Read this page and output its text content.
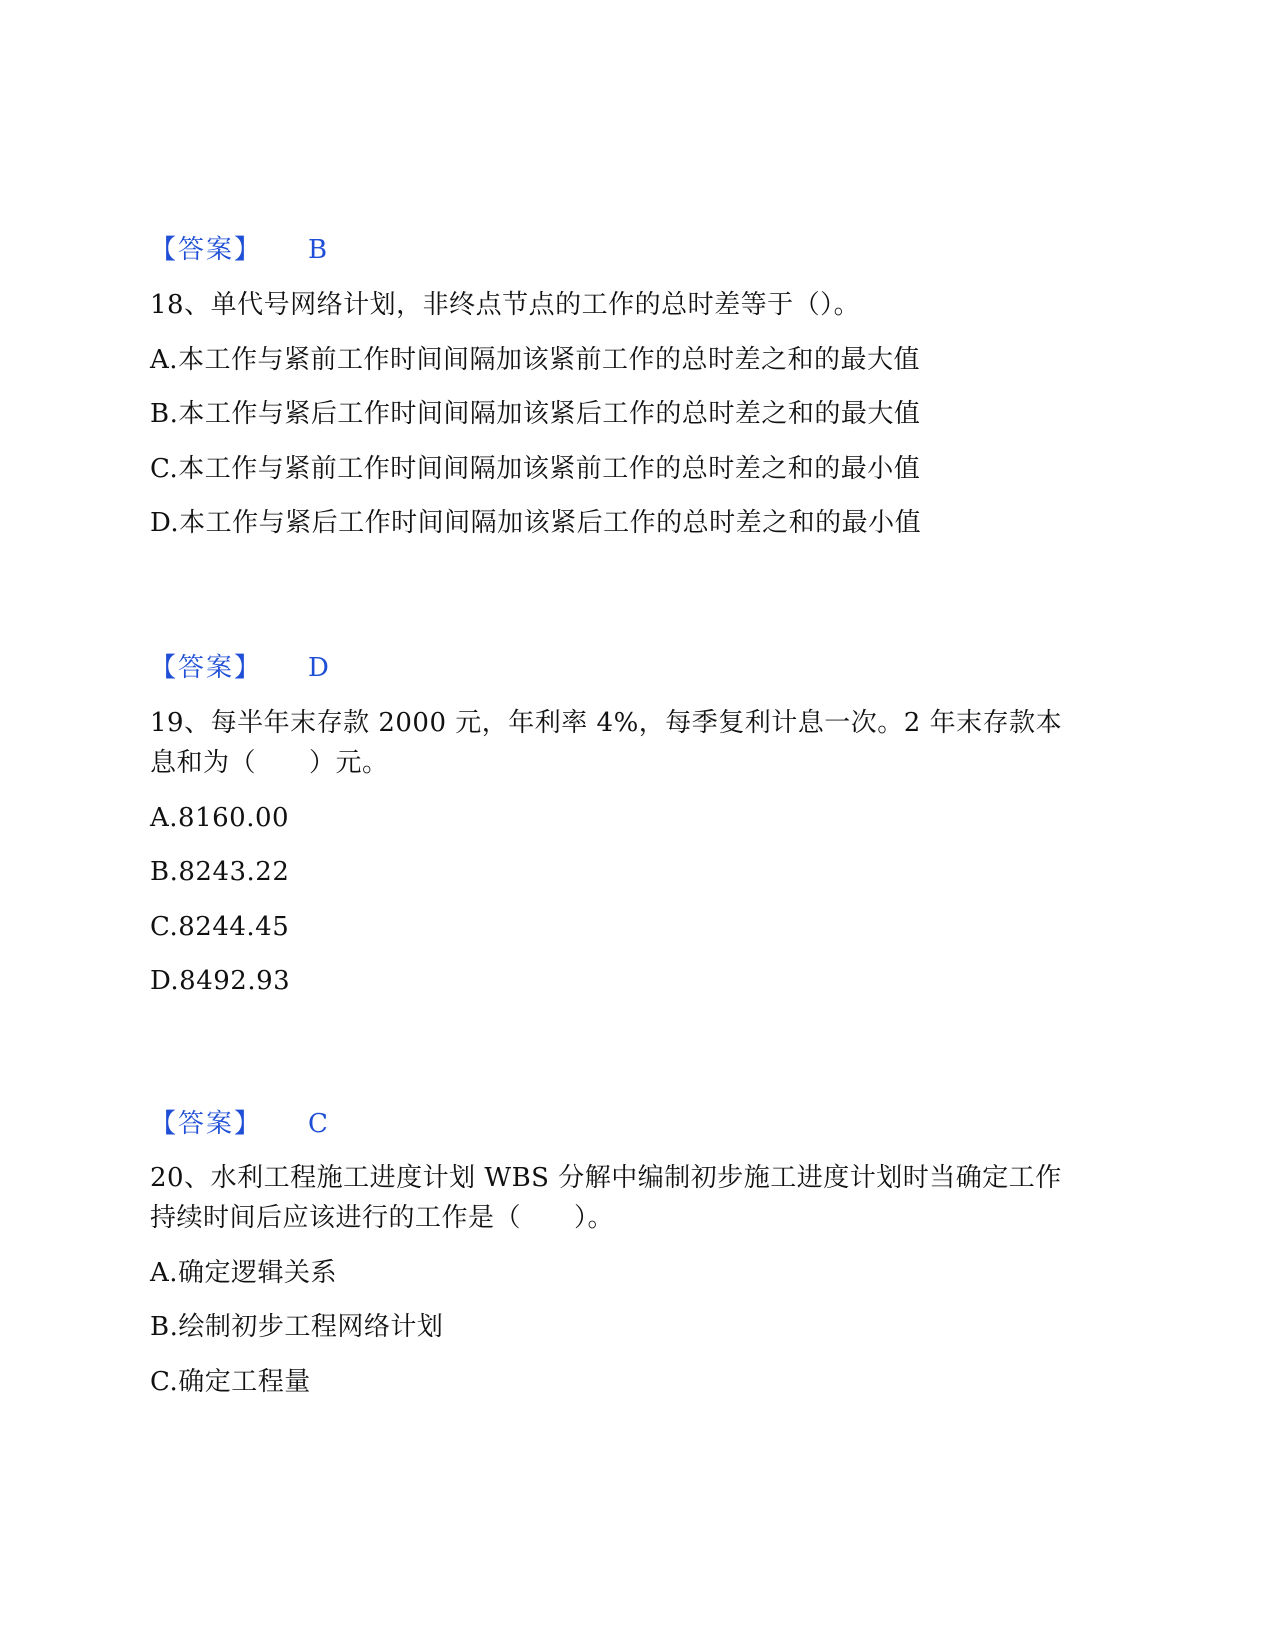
【答案】 B
18、单代号网络计划，非终点节点的工作的总时差等于（）。
A.本工作与紧前工作时间间隔加该紧前工作的总时差之和的最大值
B.本工作与紧后工作时间间隔加该紧后工作的总时差之和的最大值
C.本工作与紧前工作时间间隔加该紧前工作的总时差之和的最小值
D.本工作与紧后工作时间间隔加该紧后工作的总时差之和的最小值
【答案】 D
19、每半年末存款 2000 元，年利率 4%，每季复利计息一次。2 年末存款本
息和为（　　）元。
A.8160.00
B.8243.22
C.8244.45
D.8492.93
【答案】 C
20、水利工程施工进度计划 WBS 分解中编制初步施工进度计划时当确定工作
持续时间后应该进行的工作是（　　）。
A.确定逻辑关系
B.绘制初步工程网络计划
C.确定工程量
